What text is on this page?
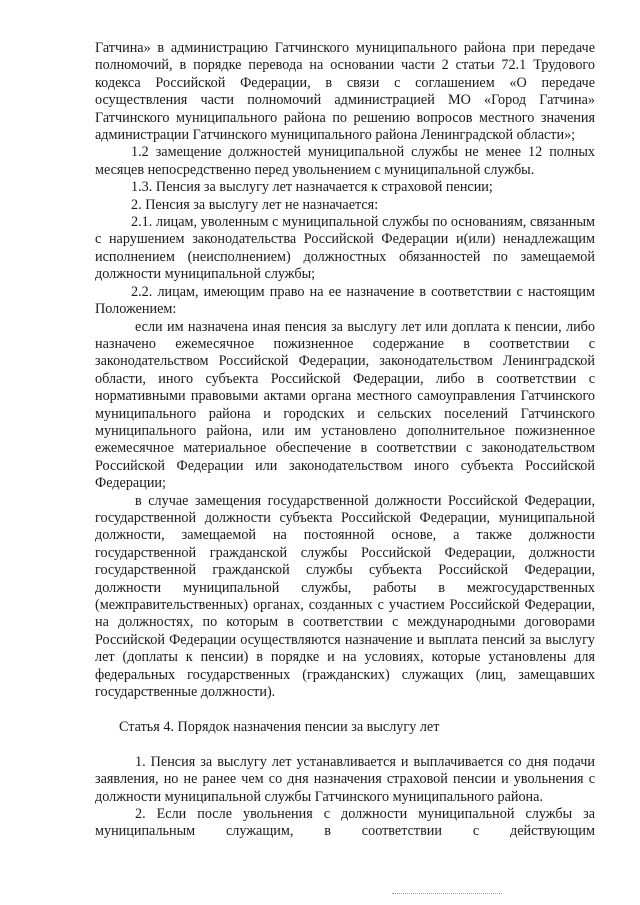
Гатчина» в администрацию Гатчинского муниципального района при передаче полномочий, в порядке перевода на основании части 2 статьи 72.1 Трудового кодекса Российской Федерации, в связи с соглашением «О передаче осуществления части полномочий администрацией МО «Город Гатчина» Гатчинского муниципального района по решению вопросов местного значения администрации Гатчинского муниципального района Ленинградской области»;

1.2 замещение должностей муниципальной службы не менее 12 полных месяцев непосредственно перед увольнением с муниципальной службы.

1.3. Пенсия за выслугу лет назначается к страховой пенсии;

2. Пенсия за выслугу лет не назначается:

2.1. лицам, уволенным с муниципальной службы по основаниям, связанным с нарушением законодательства Российской Федерации и(или) ненадлежащим исполнением (неисполнением) должностных обязанностей по замещаемой должности муниципальной службы;

2.2. лицам, имеющим право на ее назначение в соответствии с настоящим Положением:

если им назначена иная пенсия за выслугу лет или доплата к пенсии, либо назначено ежемесячное пожизненное содержание в соответствии с законодательством Российской Федерации, законодательством Ленинградской области, иного субъекта Российской Федерации, либо в соответствии с нормативными правовыми актами органа местного самоуправления Гатчинского муниципального района и городских и сельских поселений Гатчинского муниципального района, или им установлено дополнительное пожизненное ежемесячное материальное обеспечение в соответствии с законодательством Российской Федерации или законодательством иного субъекта Российской Федерации;

в случае замещения государственной должности Российской Федерации, государственной должности субъекта Российской Федерации, муниципальной должности, замещаемой на постоянной основе, а также должности государственной гражданской службы Российской Федерации, должности государственной гражданской службы субъекта Российской Федерации, должности муниципальной службы, работы в межгосударственных (межправительственных) органах, созданных с участием Российской Федерации, на должностях, по которым в соответствии с международными договорами Российской Федерации осуществляются назначение и выплата пенсий за выслугу лет (доплаты к пенсии) в порядке и на условиях, которые установлены для федеральных государственных (гражданских) служащих (лиц, замещавших государственные должности).

Статья 4. Порядок назначения пенсии за выслугу лет

1. Пенсия за выслугу лет устанавливается и выплачивается со дня подачи заявления, но не ранее чем со дня назначения страховой пенсии и увольнения с должности муниципальной службы Гатчинского муниципального района.

2. Если после увольнения с должности муниципальной службы за муниципальным служащим, в соответствии с действующим
